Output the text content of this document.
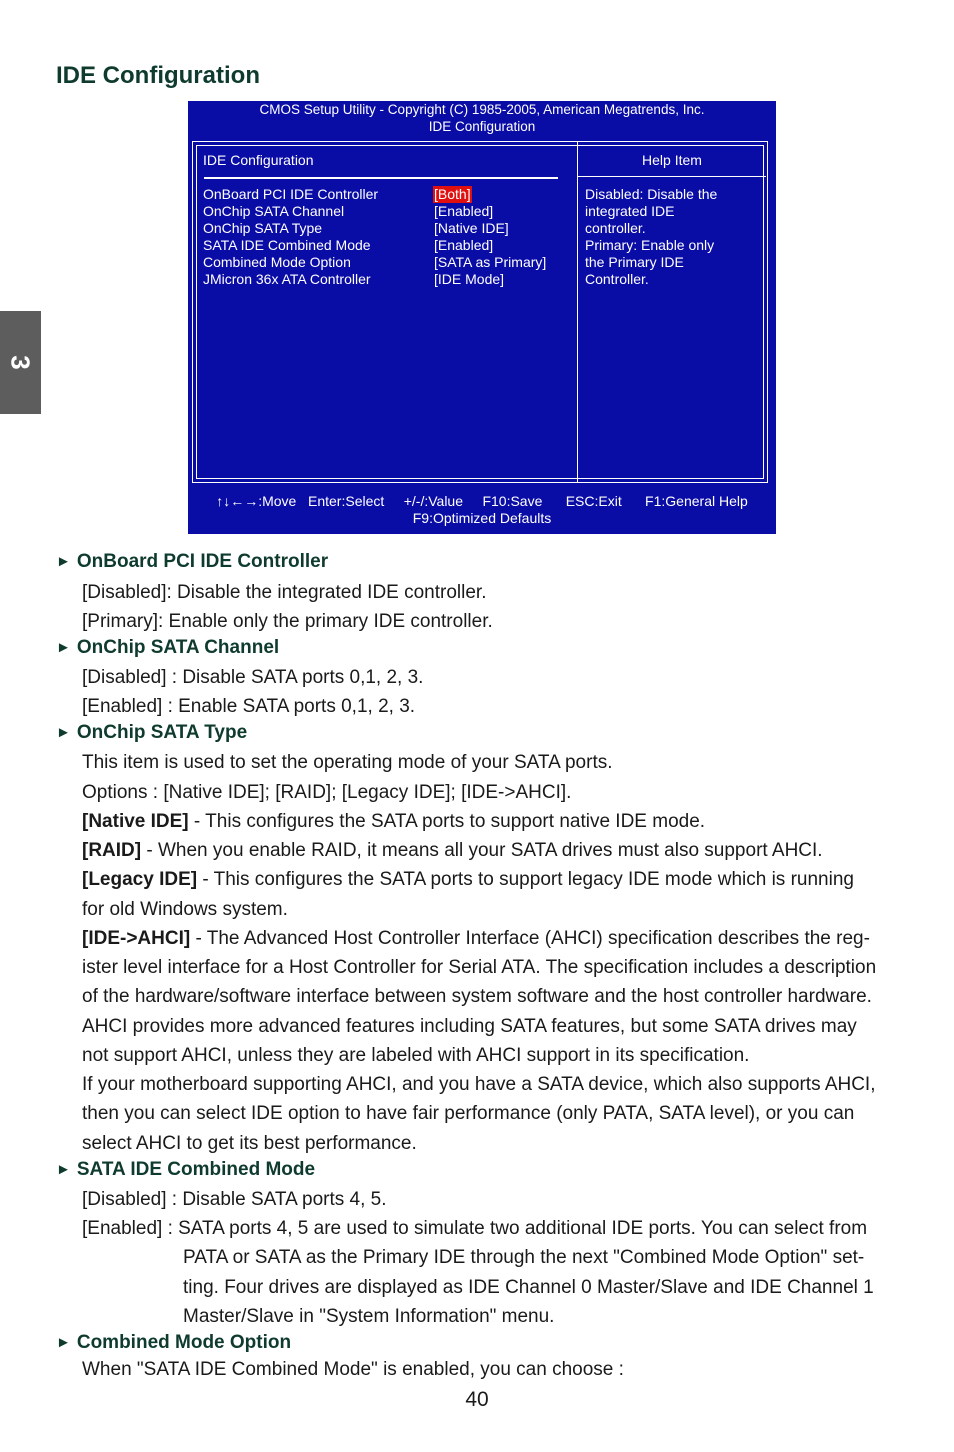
3
IDE Configuration
CMOS Setup Utility - Copyright (C) 1985-2005, American Megatrends, Inc.
IDE Configuration
IDE Configuration	Help Item
OnBoard PCI IDE Controller	[Both]
OnChip SATA Channel	[Enabled]
OnChip SATA Type	[Native IDE]
SATA IDE Combined Mode	[Enabled]
Combined Mode Option	[SATA as Primary]
JMicron 36x ATA Controller	[IDE Mode]
Disabled: Disable the
integrated IDE
controller.
Primary: Enable only
the Primary IDE
Controller.
↑↓←→:Move   Enter:Select     +/-/:Value     F10:Save      ESC:Exit      F1:General Help
F9:Optimized Defaults
► OnBoard PCI IDE Controller
[Disabled]: Disable the integrated IDE controller.
[Primary]: Enable only the primary IDE controller.
► OnChip SATA Channel
[Disabled] : Disable SATA ports 0,1, 2, 3.
[Enabled] : Enable SATA ports 0,1, 2, 3.
► OnChip SATA Type
This item is used to set the operating mode of your SATA ports.
Options : [Native IDE]; [RAID]; [Legacy IDE]; [IDE->AHCI].
[Native IDE] - This configures the SATA ports to support native IDE mode.
[RAID] - When you enable RAID, it means all your SATA drives must also support AHCI.
[Legacy IDE] - This configures the SATA ports to support legacy IDE mode which is running
for old Windows system.
[IDE->AHCI] - The Advanced Host Controller Interface (AHCI) specification describes the reg-
ister level interface for a Host Controller for Serial ATA. The specification includes a description
of the hardware/software interface between system software and the host controller hardware.
AHCI provides more advanced features including SATA features, but some SATA drives may
not support AHCI, unless they are labeled with AHCI support in its specification.
If your motherboard supporting AHCI, and you have a SATA device, which also supports AHCI,
then you can select IDE option to have fair performance (only PATA, SATA level), or you can
select AHCI to get its best performance.
► SATA IDE Combined Mode
[Disabled] : Disable SATA ports 4, 5.
[Enabled] : SATA ports 4, 5 are used to simulate two additional IDE ports. You can select from
PATA or SATA as the Primary IDE through the next "Combined Mode Option" set-
ting. Four drives are displayed as IDE Channel 0 Master/Slave and IDE Channel 1
Master/Slave in "System Information" menu.
► Combined Mode Option
When "SATA IDE Combined Mode" is enabled, you can choose :
40
